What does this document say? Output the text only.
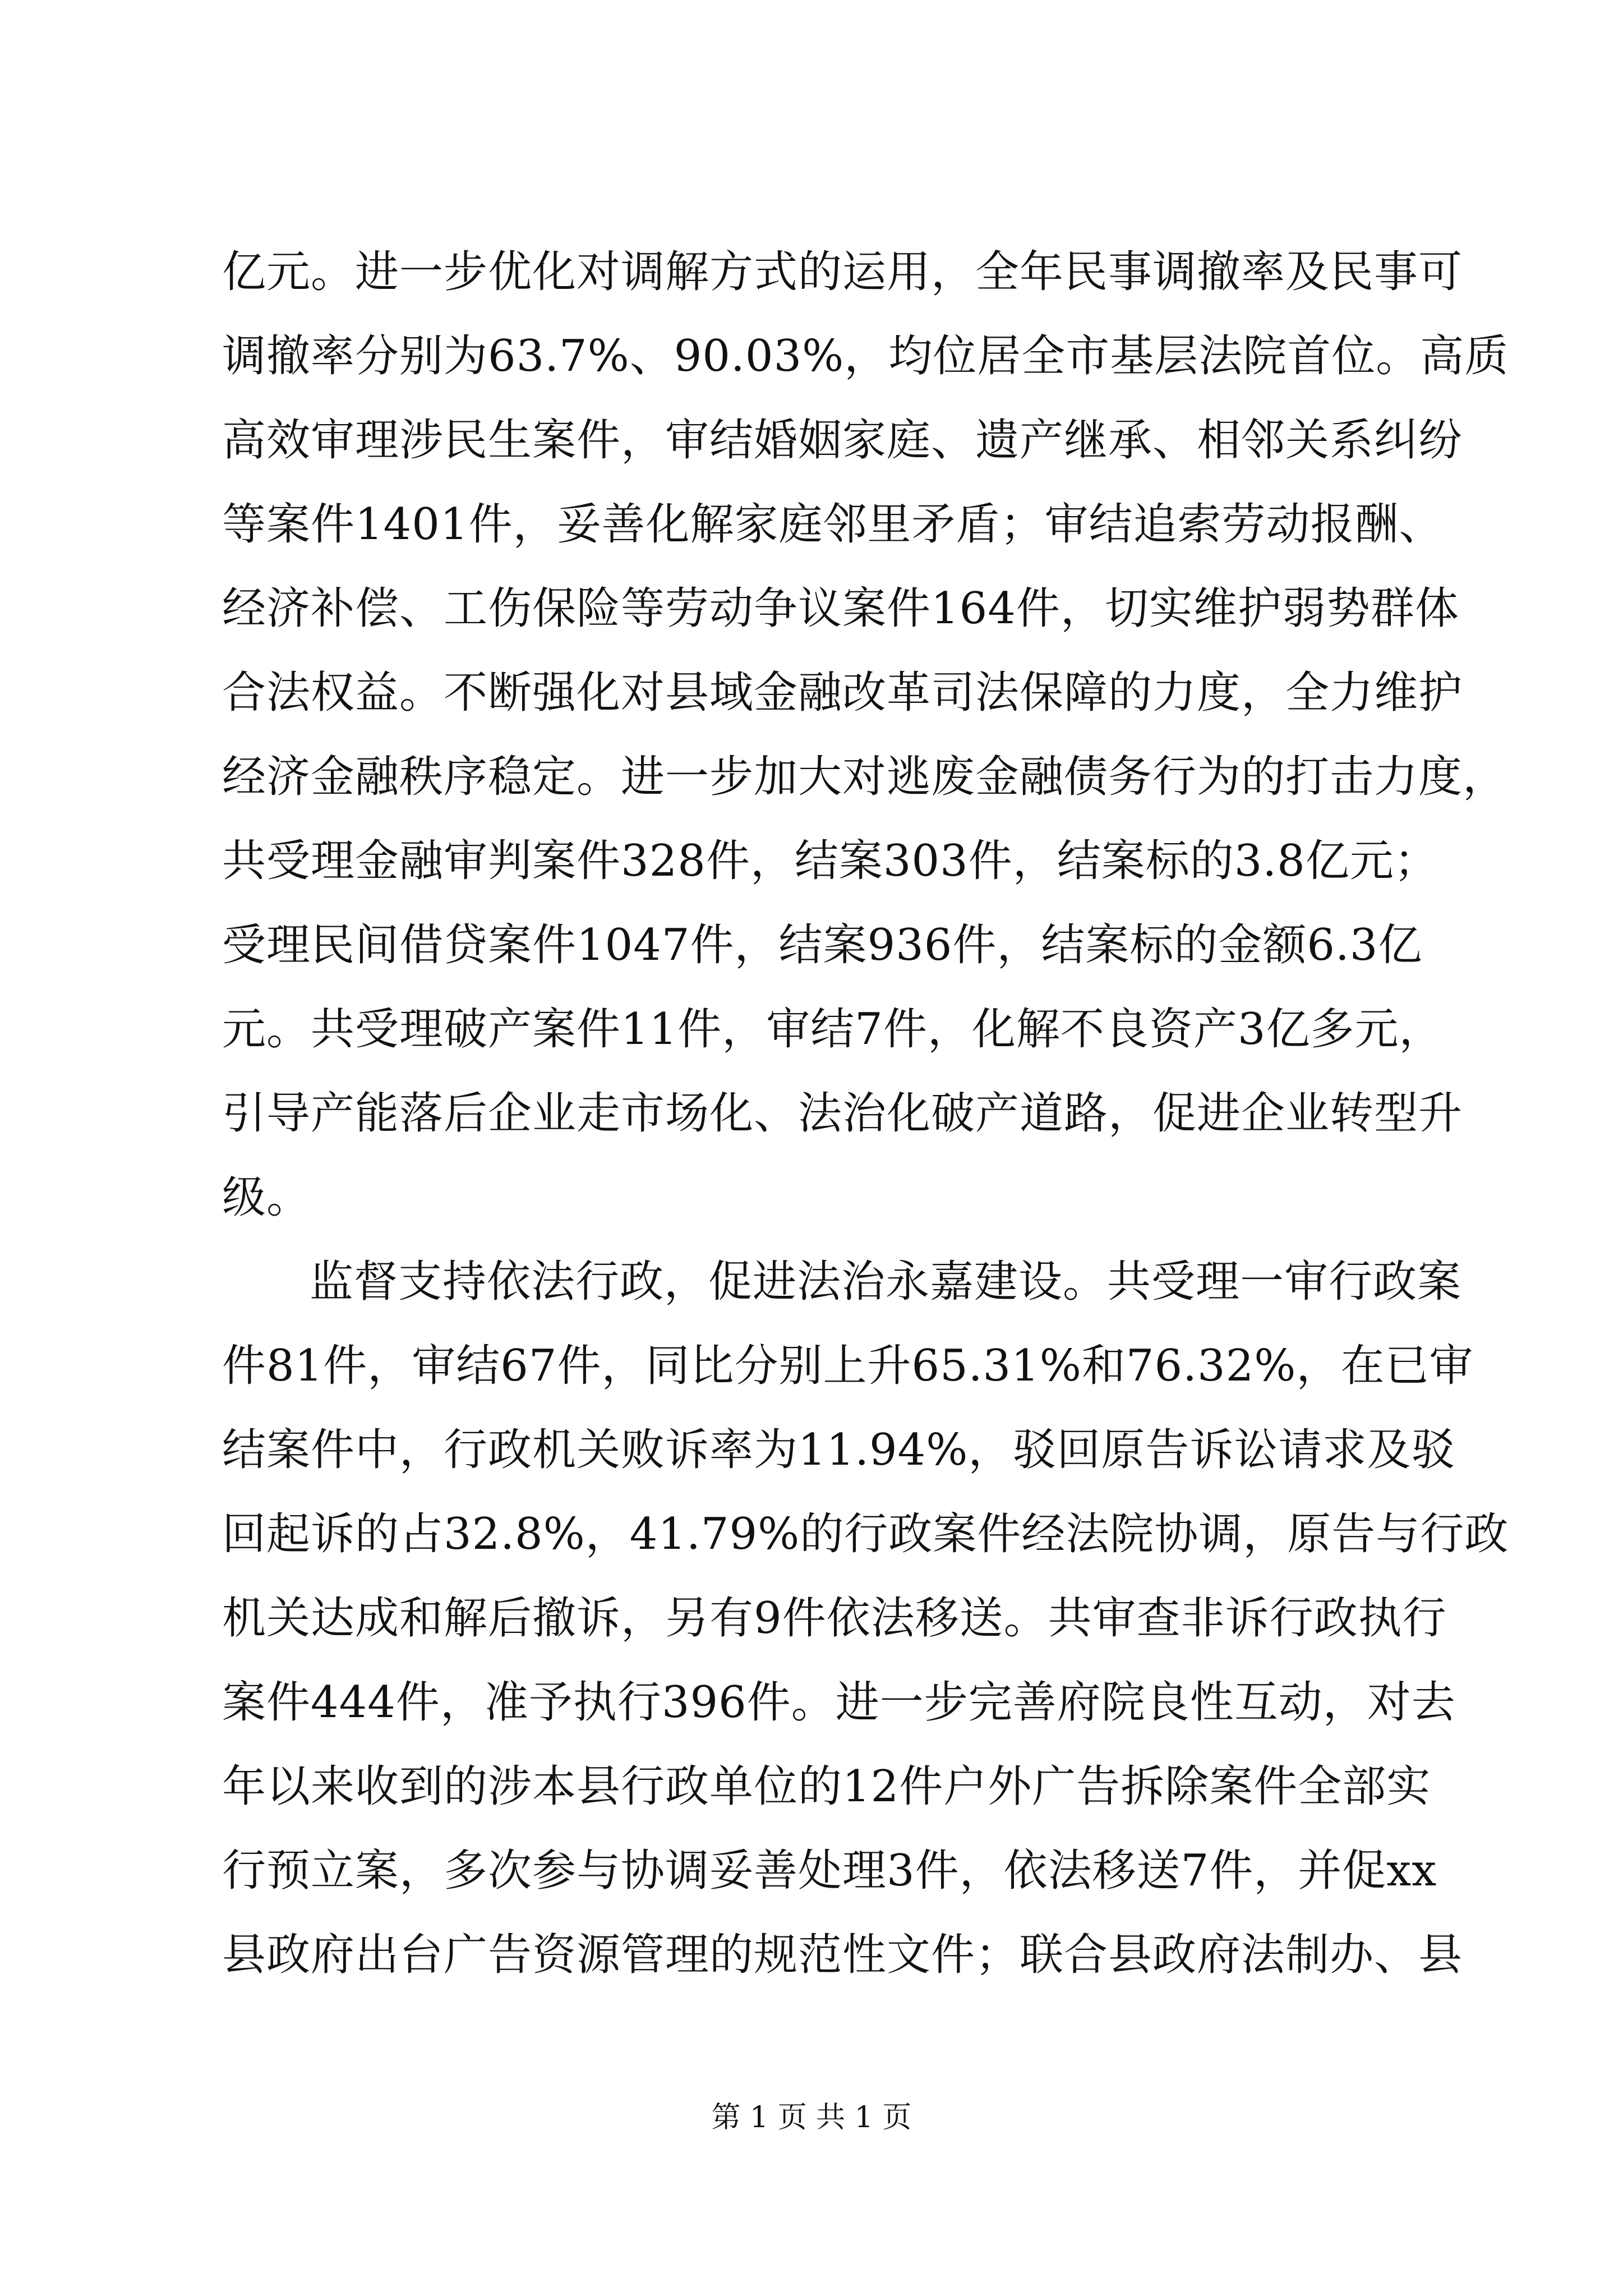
亿元。进一步优化对调解方式的运用，全年民事调撤率及民事可
调撤率分别为63.7%、90.03%，均位居全市基层法院首位。高质
高效审理涉民生案件，审结婚姻家庭、遗产继承、相邻关系纠纷
等案件1401件，妥善化解家庭邻里矛盾；审结追索劳动报酬、
经济补偿、工伤保险等劳动争议案件164件，切实维护弱势群体
合法权益。不断强化对县域金融改革司法保障的力度，全力维护
经济金融秩序稳定。进一步加大对逃废金融债务行为的打击力度，
共受理金融审判案件328件，结案303件，结案标的3.8亿元；
受理民间借贷案件1047件，结案936件，结案标的金额6.3亿
元。共受理破产案件11件，审结7件，化解不良资产3亿多元，
引导产能落后企业走市场化、法治化破产道路，促进企业转型升
级。
监督支持依法行政，促进法治永嘉建设。共受理一审行政案
件81件，审结67件，同比分别上升65.31%和76.32%，在已审
结案件中，行政机关败诉率为11.94%，驳回原告诉讼请求及驳
回起诉的占32.8%，41.79%的行政案件经法院协调，原告与行政
机关达成和解后撤诉，另有9件依法移送。共审查非诉行政执行
案件444件，准予执行396件。进一步完善府院良性互动，对去
年以来收到的涉本县行政单位的12件户外广告拆除案件全部实
行预立案，多次参与协调妥善处理3件，依法移送7件，并促xx
县政府出台广告资源管理的规范性文件；联合县政府法制办、县
第 1 页 共 1 页
